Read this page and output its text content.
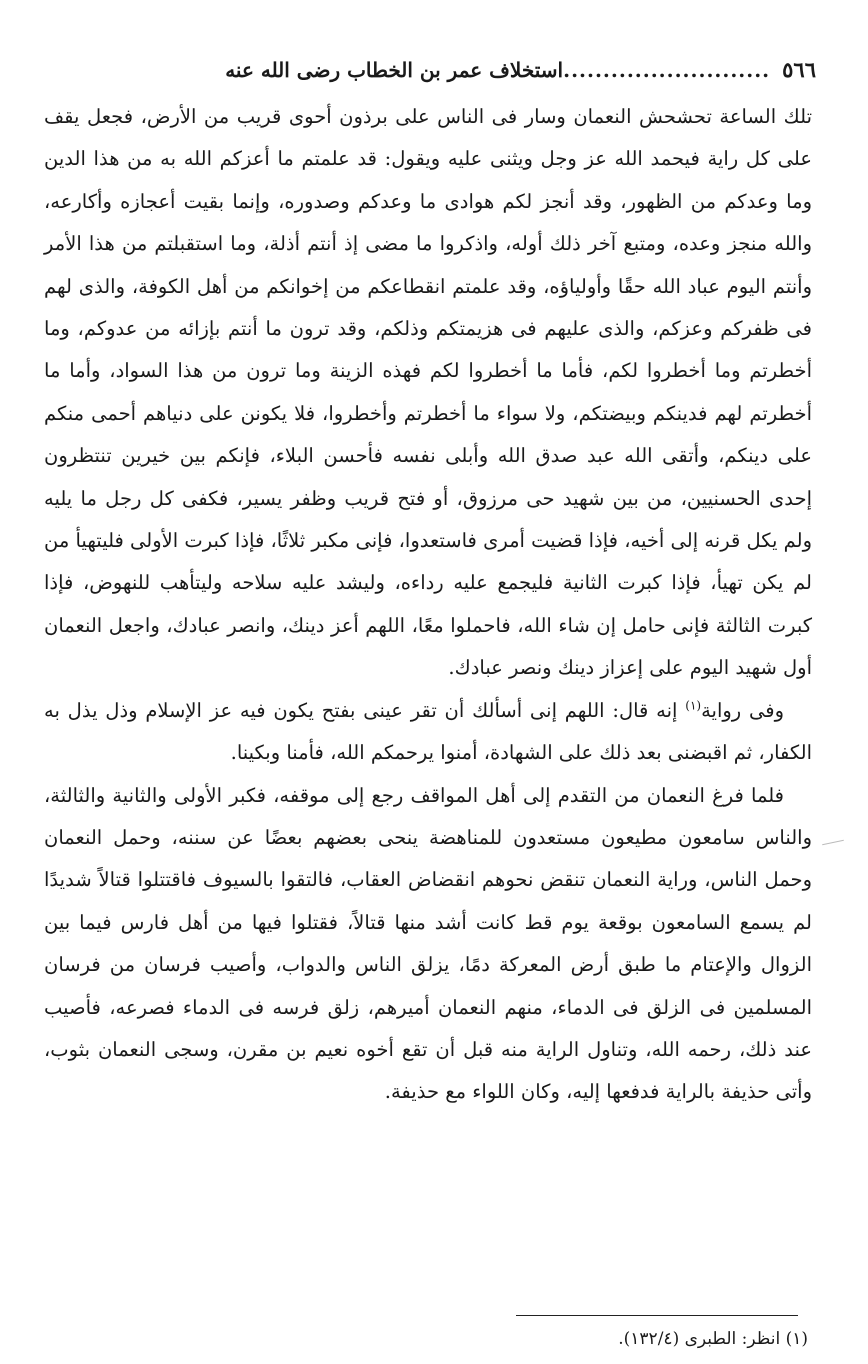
٥٦٦
..........................
استخلاف عمر بن الخطاب رضى الله عنه

تلك الساعة تحشحش النعمان وسار فى الناس على برذون أحوى قريب من الأرض، فجعل يقف على كل راية فيحمد الله عز وجل ويثنى عليه ويقول: قد علمتم ما أعزكم الله به من هذا الدين وما وعدكم من الظهور، وقد أنجز لكم هوادى ما وعدكم وصدوره، وإنما بقيت أعجازه وأكارعه، والله منجز وعده، ومتبع آخر ذلك أوله، واذكروا ما مضى إذ أنتم أذلة، وما استقبلتم من هذا الأمر وأنتم اليوم عباد الله حقًا وأولياؤه، وقد علمتم انقطاعكم من إخوانكم من أهل الكوفة، والذى لهم فى ظفركم وعزكم، والذى عليهم فى هزيمتكم وذلكم، وقد ترون ما أنتم بإزائه من عدوكم، وما أخطرتم وما أخطروا لكم، فأما ما أخطروا لكم فهذه الزينة وما ترون من هذا السواد، وأما ما أخطرتم لهم فدينكم وبيضتكم، ولا سواء ما أخطرتم وأخطروا، فلا يكونن على دنياهم أحمى منكم على دينكم، وأتقى الله عبد صدق الله وأبلى نفسه فأحسن البلاء، فإنكم بين خيرين تنتظرون إحدى الحسنيين، من بين شهيد حى مرزوق، أو فتح قريب وظفر يسير، فكفى كل رجل ما يليه ولم يكل قرنه إلى أخيه، فإذا قضيت أمرى فاستعدوا، فإنى مكبر ثلاثًا، فإذا كبرت الأولى فليتهيأ من لم يكن تهيأ، فإذا كبرت الثانية فليجمع عليه رداءه، وليشد عليه سلاحه وليتأهب للنهوض، فإذا كبرت الثالثة فإنى حامل إن شاء الله، فاحملوا معًا، اللهم أعز دينك، وانصر عبادك، واجعل النعمان أول شهيد اليوم على إعزاز دينك ونصر عبادك.

وفى رواية$^{(١)}$ إنه قال: اللهم إنى أسألك أن تقر عينى بفتح يكون فيه عز الإسلام وذل يذل به الكفار، ثم اقبضنى بعد ذلك على الشهادة، أمنوا يرحمكم الله، فأمنا وبكينا.

فلما فرغ النعمان من التقدم إلى أهل المواقف رجع إلى موقفه، فكبر الأولى والثانية والثالثة، والناس سامعون مطيعون مستعدون للمناهضة ينحى بعضهم بعضًا عن سننه، وحمل النعمان وحمل الناس، وراية النعمان تنقض نحوهم انقضاض العقاب، فالتقوا بالسيوف فاقتتلوا قتالاً شديدًا لم يسمع السامعون بوقعة يوم قط كانت أشد منها قتالاً، فقتلوا فيها من أهل فارس فيما بين الزوال والإعتام ما طبق أرض المعركة دمًا، يزلق الناس والدواب، وأصيب فرسان من فرسان المسلمين فى الزلق فى الدماء، منهم النعمان أميرهم، زلق فرسه فى الدماء فصرعه، فأصيب عند ذلك، رحمه الله، وتناول الراية منه قبل أن تقع أخوه نعيم بن مقرن، وسجى النعمان بثوب، وأتى حذيفة بالراية فدفعها إليه، وكان اللواء مع حذيفة.

(١) انظر: الطبرى (١٣٢/٤).
